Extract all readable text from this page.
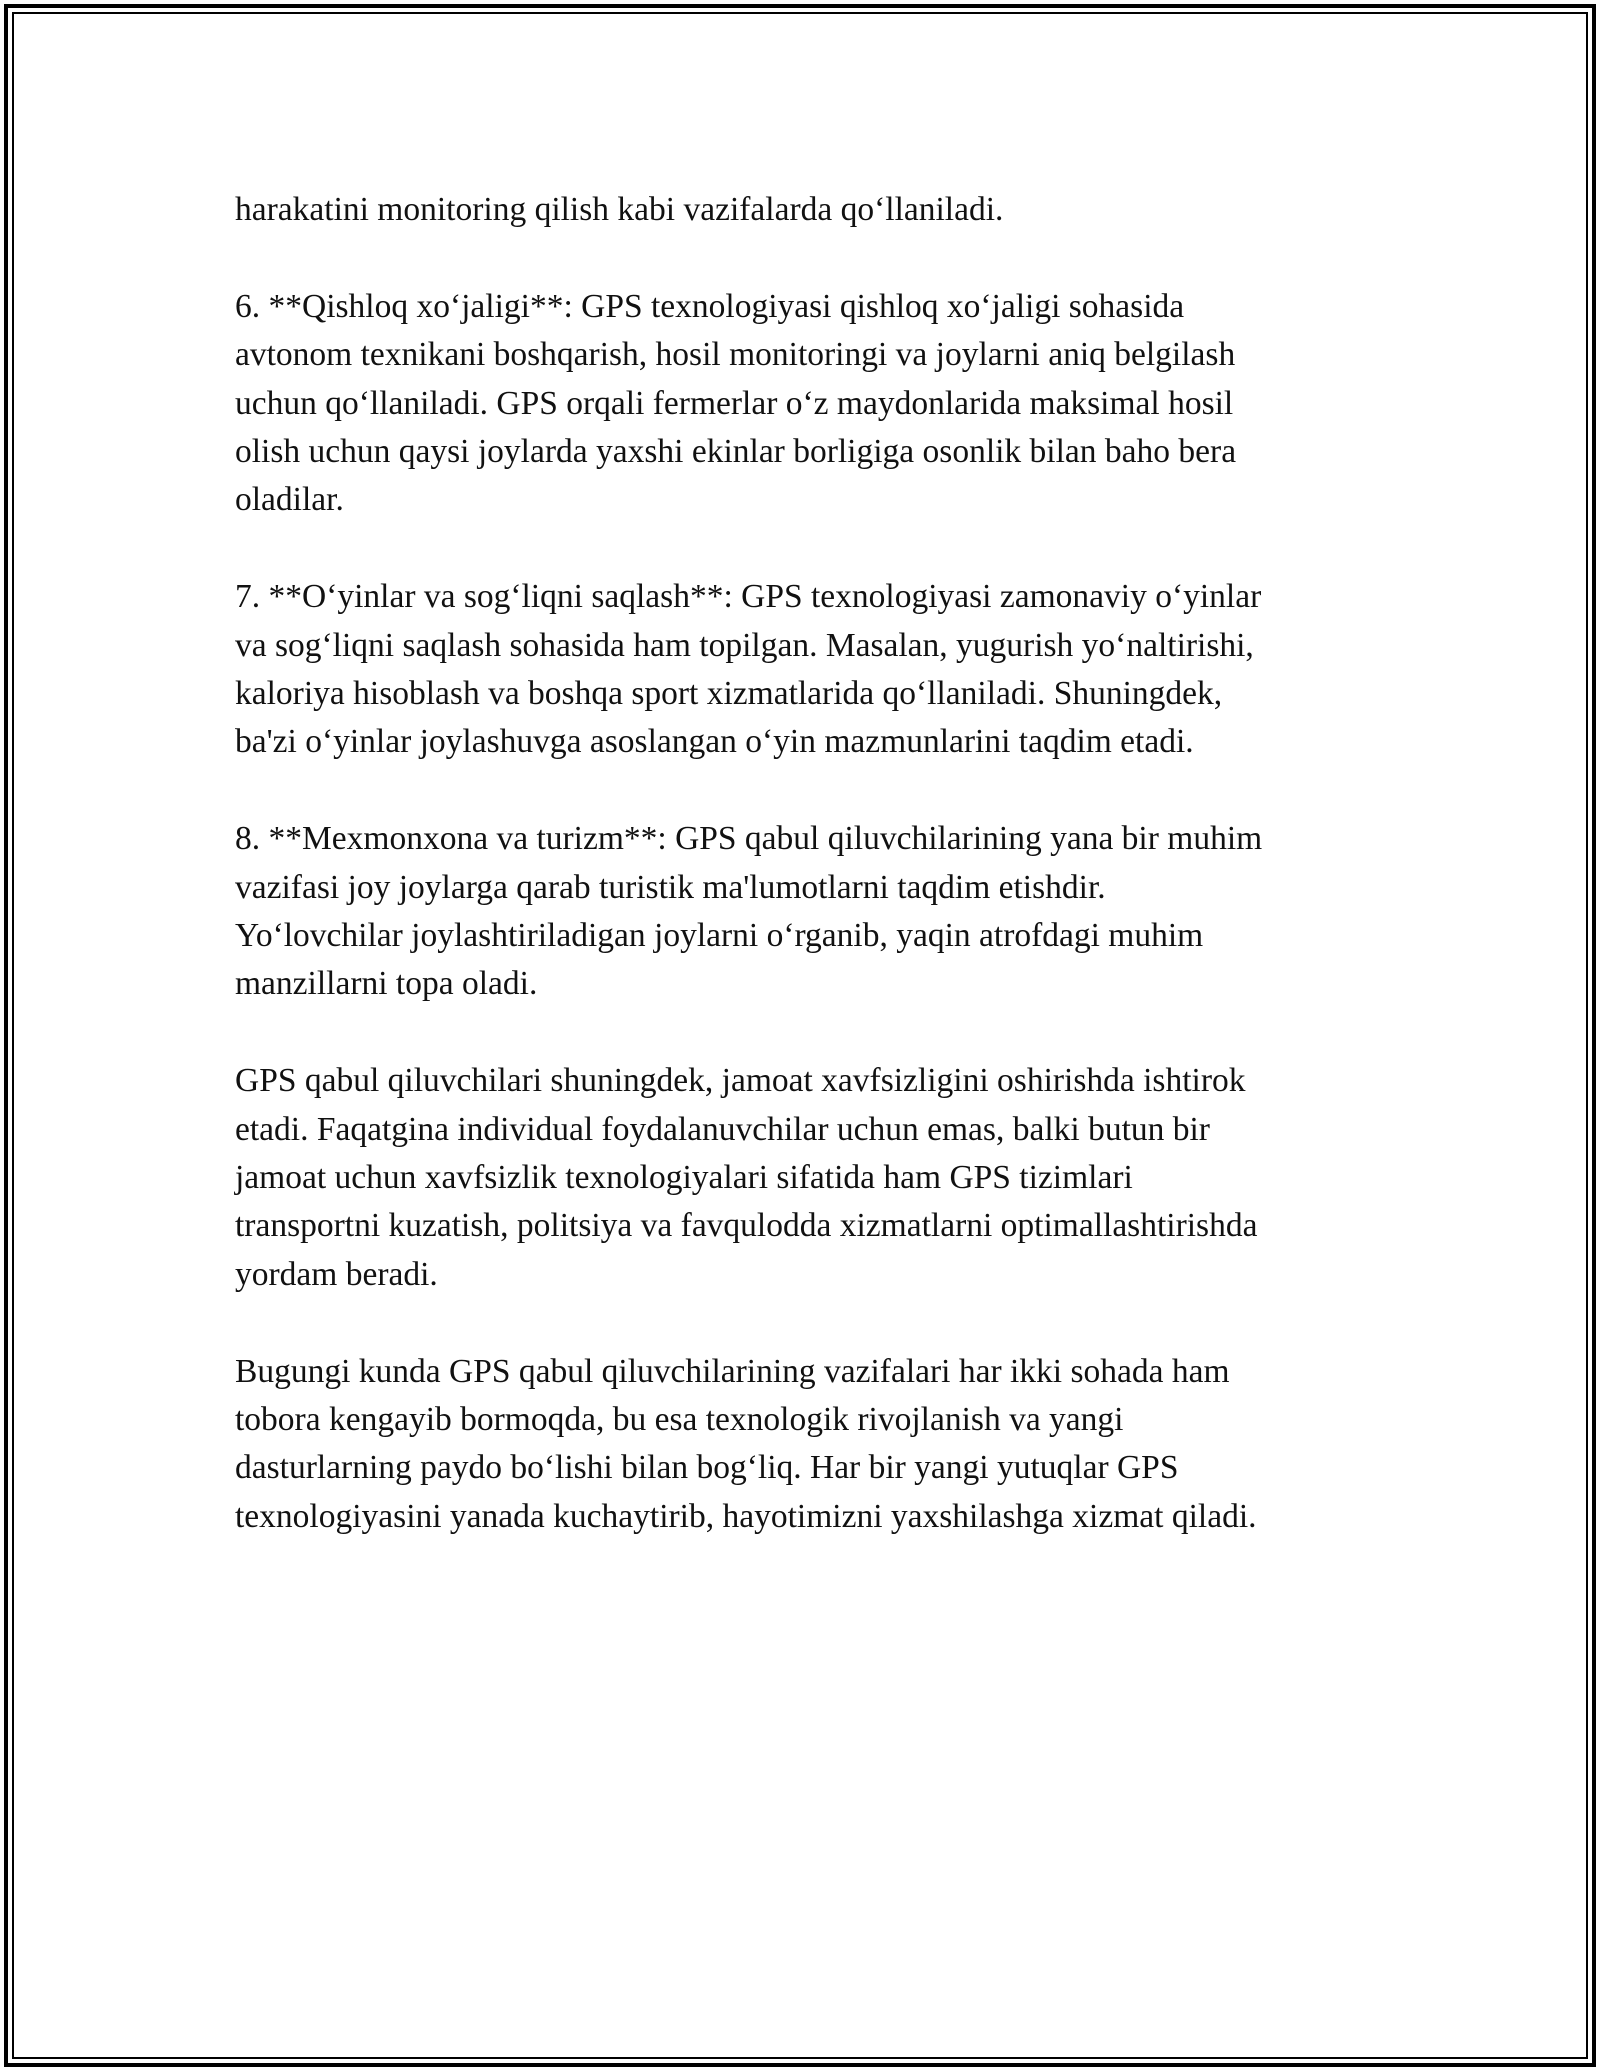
harakatini monitoring qilish kabi vazifalarda qo‘llaniladi.

6. **Qishloq xo‘jaligi**: GPS texnologiyasi qishloq xo‘jaligi sohasida
avtonom texnikani boshqarish, hosil monitoringi va joylarni aniq belgilash
uchun qo‘llaniladi. GPS orqali fermerlar o‘z maydonlarida maksimal hosil
olish uchun qaysi joylarda yaxshi ekinlar borligiga osonlik bilan baho bera
oladilar.

7. **O‘yinlar va sog‘liqni saqlash**: GPS texnologiyasi zamonaviy o‘yinlar
va sog‘liqni saqlash sohasida ham topilgan. Masalan, yugurish yo‘naltirishi,
kaloriya hisoblash va boshqa sport xizmatlarida qo‘llaniladi. Shuningdek,
ba'zi o‘yinlar joylashuvga asoslangan o‘yin mazmunlarini taqdim etadi.

8. **Mexmonxona va turizm**: GPS qabul qiluvchilarining yana bir muhim
vazifasi joy joylarga qarab turistik ma'lumotlarni taqdim etishdir.
Yo‘lovchilar joylashtiriladigan joylarni o‘rganib, yaqin atrofdagi muhim
manzillarni topa oladi.

GPS qabul qiluvchilari shuningdek, jamoat xavfsizligini oshirishda ishtirok
etadi. Faqatgina individual foydalanuvchilar uchun emas, balki butun bir
jamoat uchun xavfsizlik texnologiyalari sifatida ham GPS tizimlari
transportni kuzatish, politsiya va favqulodda xizmatlarni optimallashtirishda
yordam beradi.

Bugungi kunda GPS qabul qiluvchilarining vazifalari har ikki sohada ham
tobora kengayib bormoqda, bu esa texnologik rivojlanish va yangi
dasturlarning paydo bo‘lishi bilan bog‘liq. Har bir yangi yutuqlar GPS
texnologiyasini yanada kuchaytirib, hayotimizni yaxshilashga xizmat qiladi.
